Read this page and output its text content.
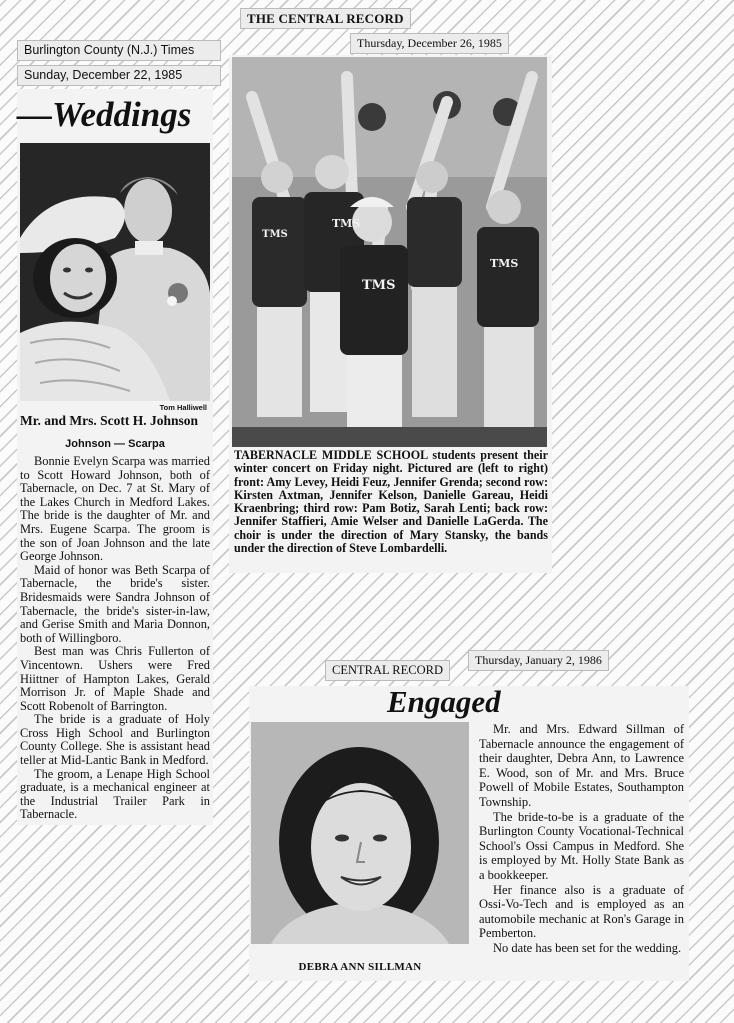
Burlington County (N.J.) Times
Sunday, December 22, 1985
—Weddings
Tom Halliwell
Mr. and Mrs. Scott H. Johnson
Johnson — Scarpa

Bonnie Evelyn Scarpa was married to Scott Howard Johnson, both of Tabernacle, on Dec. 7 at St. Mary of the Lakes Church in Medford Lakes. The bride is the daughter of Mr. and Mrs. Eugene Scarpa. The groom is the son of Joan Johnson and the late George Johnson.

Maid of honor was Beth Scarpa of Tabernacle, the bride's sister. Bridesmaids were Sandra Johnson of Tabernacle, the bride's sister-in-law, and Gerise Smith and Maria Donnon, both of Willingboro.

Best man was Chris Fullerton of Vincentown. Ushers were Fred Hiittner of Hampton Lakes, Gerald Morrison Jr. of Maple Shade and Scott Robenolt of Barrington.

The bride is a graduate of Holy Cross High School and Burlington County College. She is assistant head teller at Mid-Lantic Bank in Medford.

The groom, a Lenape High School graduate, is a mechanical engineer at the Industrial Trailer Park in Tabernacle.

THE CENTRAL RECORD
Thursday, December 26, 1985
TMS
TMS
TMS
TMS
TABERNACLE MIDDLE SCHOOL students present their winter concert on Friday night. Pictured are (left to right) front: Amy Levey, Heidi Feuz, Jennifer Grenda; second row: Kirsten Axtman, Jennifer Kelson, Danielle Gareau, Heidi Kraenbring; third row: Pam Botiz, Sarah Lenti; back row: Jennifer Staffieri, Amie Welser and Danielle LaGerda. The choir is under the direction of Mary Stansky, the bands under the direction of Steve Lombardelli.
CENTRAL RECORD
Thursday, January 2, 1986
Engaged
DEBRA ANN SILLMAN

Mr. and Mrs. Edward Sillman of Tabernacle announce the engagement of their daughter, Debra Ann, to Lawrence E. Wood, son of Mr. and Mrs. Bruce Powell of Mobile Estates, Southampton Township.

The bride-to-be is a graduate of the Burlington County Vocational-Technical School's Ossi Campus in Medford. She is employed by Mt. Holly State Bank as a bookkeeper.

Her finance also is a graduate of Ossi-Vo-Tech and is employed as an automobile mechanic at Ron's Garage in Pemberton.

No date has been set for the wedding.
